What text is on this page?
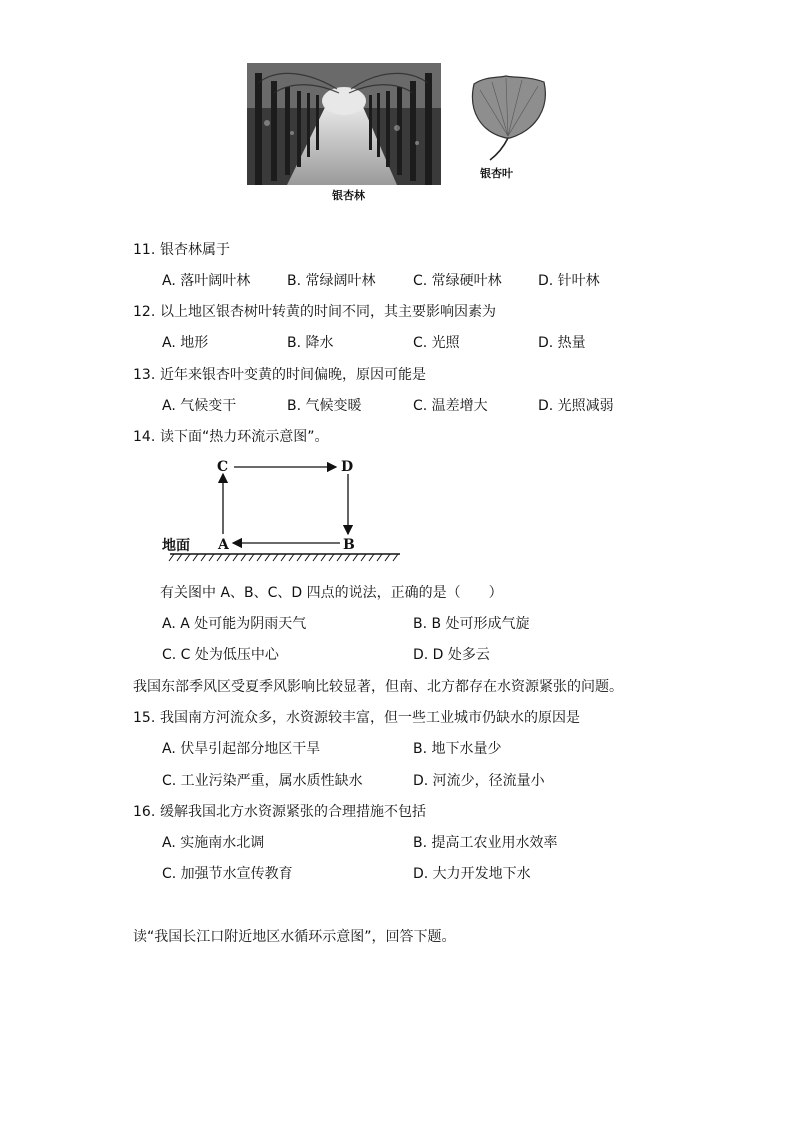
银杏林
银杏叶
11. 银杏林属于
A. 落叶阔叶林	B. 常绿阔叶林	C. 常绿硬叶林	D. 针叶林
12. 以上地区银杏树叶转黄的时间不同，其主要影响因素为
A. 地形	B. 降水	C. 光照	D. 热量
13. 近年来银杏叶变黄的时间偏晚，原因可能是
A. 气候变干	B. 气候变暖	C. 温差增大	D. 光照减弱
14. 读下面“热力环流示意图”。
C	D
A	B
地面
有关图中 A、B、C、D 四点的说法，正确的是（　　）
A. A 处可能为阴雨天气	B. B 处可形成气旋
C. C 处为低压中心	D. D 处多云
我国东部季风区受夏季风影响比较显著，但南、北方都存在水资源紧张的问题。
15. 我国南方河流众多，水资源较丰富，但一些工业城市仍缺水的原因是
A. 伏旱引起部分地区干旱	B. 地下水量少
C. 工业污染严重，属水质性缺水	D. 河流少，径流量小
16. 缓解我国北方水资源紧张的合理措施不包括
A. 实施南水北调	B. 提高工农业用水效率
C. 加强节水宣传教育	D. 大力开发地下水
读“我国长江口附近地区水循环示意图”，回答下题。
